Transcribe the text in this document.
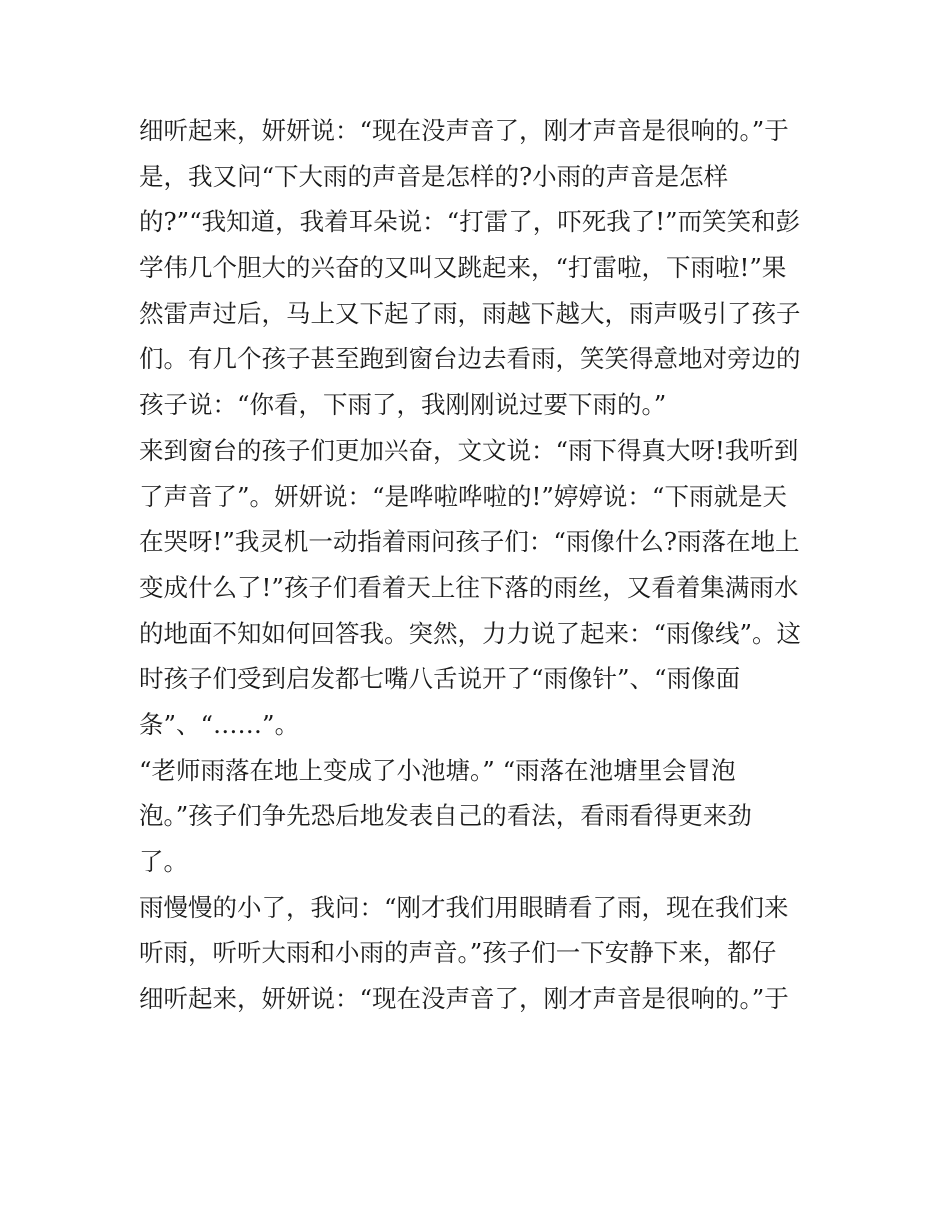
细听起来，妍妍说：“现在没声音了，刚才声音是很响的。”于
是，我又问“下大雨的声音是怎样的?小雨的声音是怎样
的?”“我知道，我着耳朵说：“打雷了，吓死我了!”而笑笑和彭
学伟几个胆大的兴奋的又叫又跳起来，“打雷啦，下雨啦!”果
然雷声过后，马上又下起了雨，雨越下越大，雨声吸引了孩子
们。有几个孩子甚至跑到窗台边去看雨，笑笑得意地对旁边的
孩子说：“你看，下雨了，我刚刚说过要下雨的。”
来到窗台的孩子们更加兴奋，文文说：“雨下得真大呀!我听到
了声音了”。妍妍说：“是哗啦哗啦的!”婷婷说：“下雨就是天
在哭呀!”我灵机一动指着雨问孩子们：“雨像什么?雨落在地上
变成什么了!”孩子们看着天上往下落的雨丝，又看着集满雨水
的地面不知如何回答我。突然，力力说了起来：“雨像线”。这
时孩子们受到启发都七嘴八舌说开了“雨像针”、“雨像面
条”、“……”。
“老师雨落在地上变成了小池塘。” “雨落在池塘里会冒泡
泡。”孩子们争先恐后地发表自己的看法，看雨看得更来劲
了。
雨慢慢的小了，我问：“刚才我们用眼睛看了雨，现在我们来
听雨，听听大雨和小雨的声音。”孩子们一下安静下来，都仔
细听起来，妍妍说：“现在没声音了，刚才声音是很响的。”于
